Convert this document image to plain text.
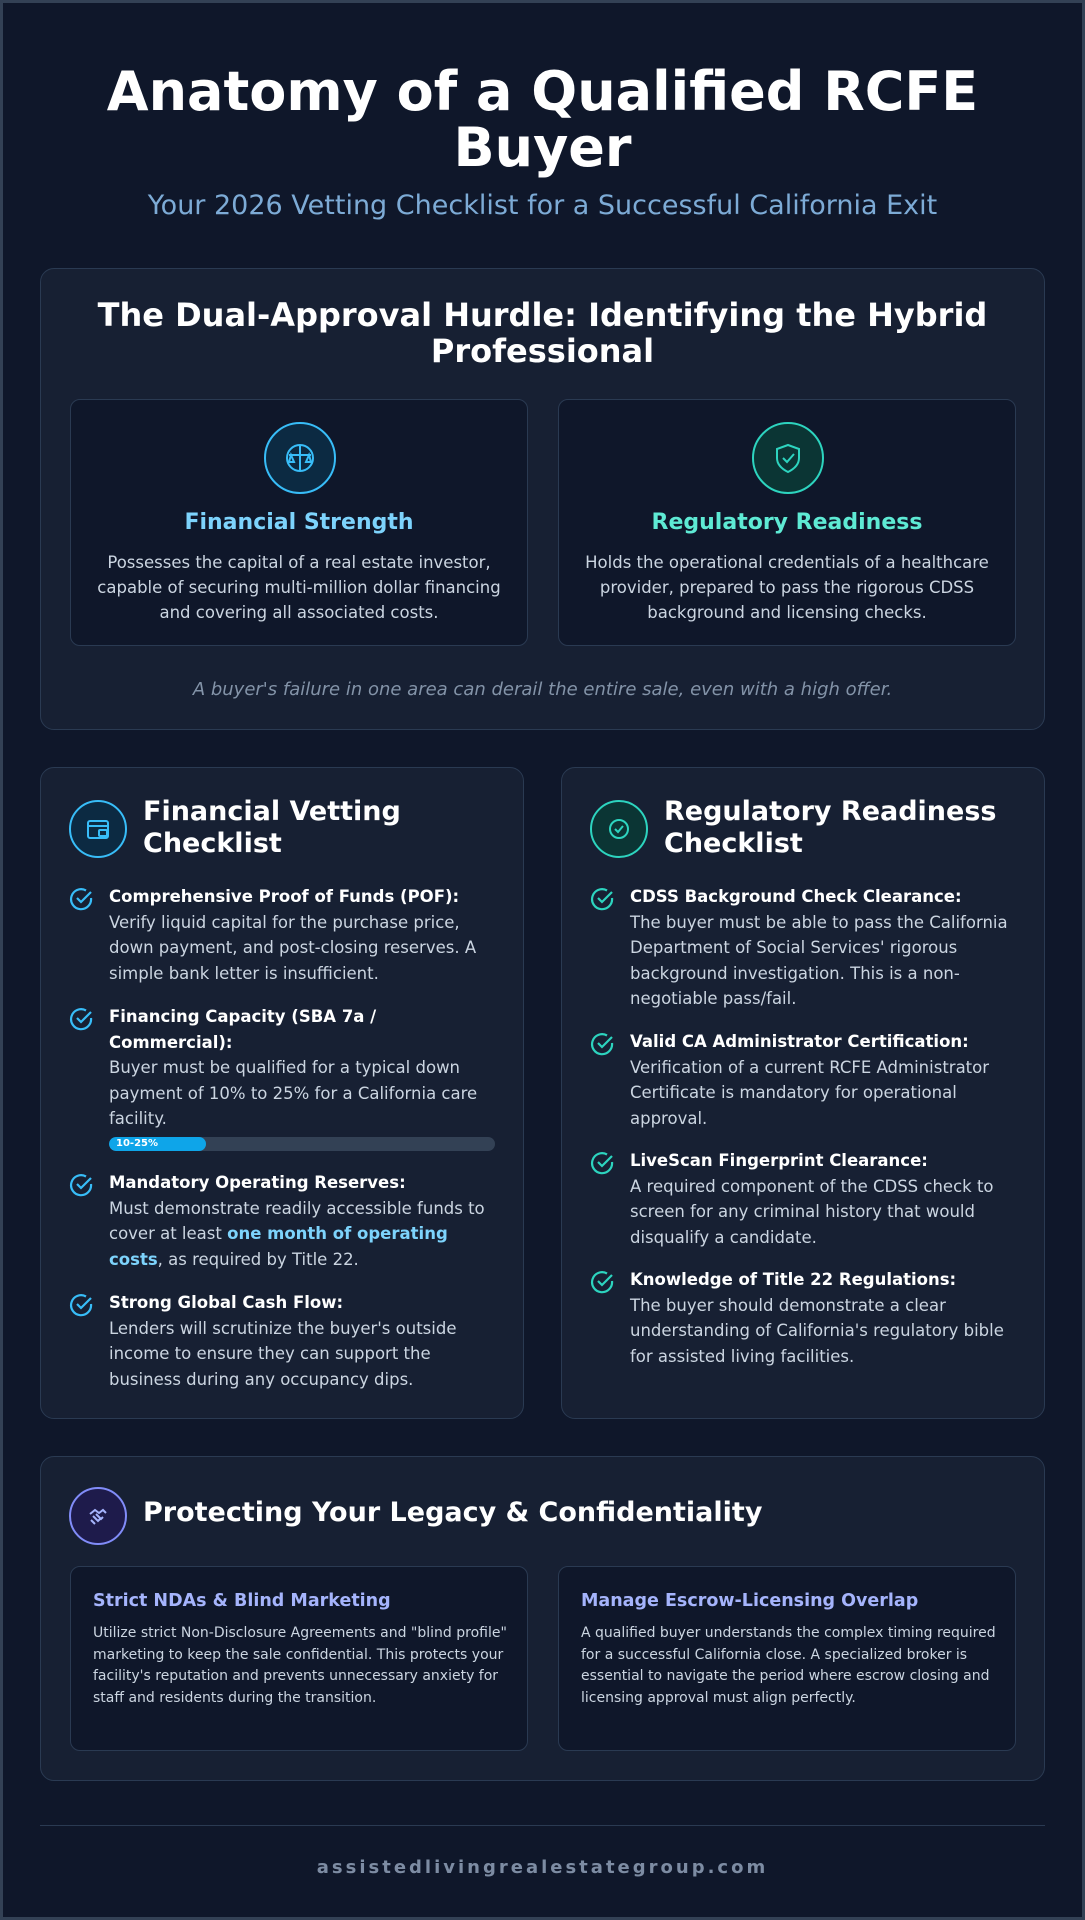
Anatomy of a Qualified RCFE Buyer
Your 2026 Vetting Checklist for a Successful California Exit
The Dual-Approval Hurdle: Identifying the Hybrid Professional
Financial Strength
Possesses the capital of a real estate investor, capable of securing multi-million dollar financing and covering all associated costs.
Regulatory Readiness
Holds the operational credentials of a healthcare provider, prepared to pass the rigorous CDSS background and licensing checks.
A buyer's failure in one area can derail the entire sale, even with a high offer.
Financial Vetting Checklist
Comprehensive Proof of Funds (POF):
Verify liquid capital for the purchase price, down payment, and post-closing reserves. A simple bank letter is insufficient.
Financing Capacity (SBA 7a / Commercial):
Buyer must be qualified for a typical down payment of 10% to 25% for a California care facility.
10-25%
Mandatory Operating Reserves:
Must demonstrate readily accessible funds to cover at least one month of operating costs, as required by Title 22.
Strong Global Cash Flow:
Lenders will scrutinize the buyer's outside income to ensure they can support the business during any occupancy dips.
Regulatory Readiness Checklist
CDSS Background Check Clearance:
The buyer must be able to pass the California Department of Social Services' rigorous background investigation. This is a non-negotiable pass/fail.
Valid CA Administrator Certification:
Verification of a current RCFE Administrator Certificate is mandatory for operational approval.
LiveScan Fingerprint Clearance:
A required component of the CDSS check to screen for any criminal history that would disqualify a candidate.
Knowledge of Title 22 Regulations:
The buyer should demonstrate a clear understanding of California's regulatory bible for assisted living facilities.
Protecting Your Legacy & Confidentiality
Strict NDAs & Blind Marketing
Utilize strict Non-Disclosure Agreements and "blind profile" marketing to keep the sale confidential. This protects your facility's reputation and prevents unnecessary anxiety for staff and residents during the transition.
Manage Escrow-Licensing Overlap
A qualified buyer understands the complex timing required for a successful California close. A specialized broker is essential to navigate the period where escrow closing and licensing approval must align perfectly.
assistedlivingrealestategroup.com
